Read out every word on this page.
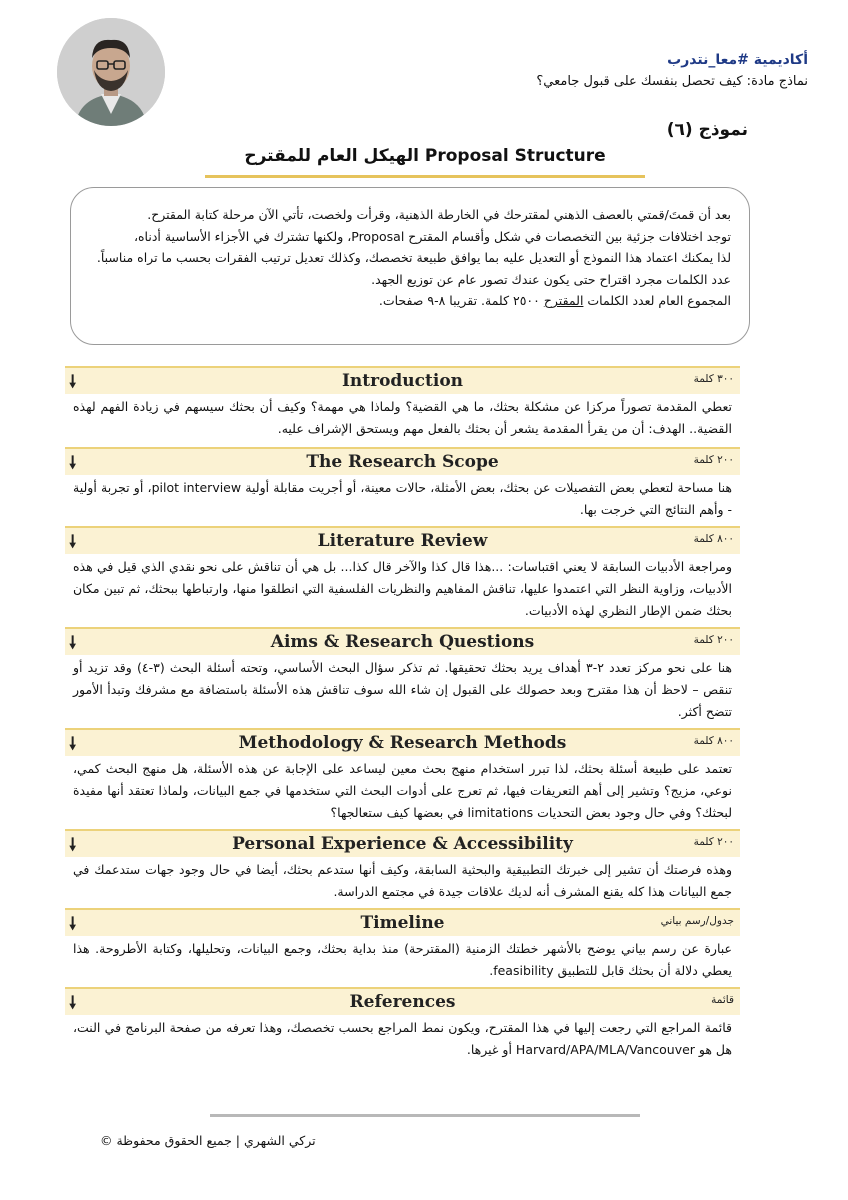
أكاديمية #معا_نتدرب
نماذج مادة: كيف تحصل بنفسك على قبول جامعي؟
نموذج (٦)
الهيكل العام للمقترح Proposal Structure

بعد أن قمتَ/قمتي بالعصف الذهني لمقترحك في الخارطة الذهنية، وقرأت ولخصت، تأتي الآن مرحلة كتابة المقترح.

توجد اختلافات جزئية بين التخصصات في شكل وأقسام المقترح Proposal، ولكنها تشترك في الأجزاء الأساسية أدناه،

لذا يمكنك اعتماد هذا النموذج أو التعديل عليه بما يوافق طبيعة تخصصك، وكذلك تعديل ترتيب الفقرات بحسب ما تراه مناسباً.

عدد الكلمات مجرد اقتراح حتى يكون عندك تصور عام عن توزيع الجهد.

المجموع العام لعدد الكلمات المقترح ٢٥٠٠ كلمة. تقريبا ٨-٩ صفحات.

🠗	Introduction	٣٠٠ كلمة
تعطي المقدمة تصوراً مركزا عن مشكلة بحثك، ما هي القضية؟ ولماذا هي مهمة؟ وكيف أن بحثك سيسهم في زيادة الفهم لهذه القضية.. الهدف: أن من يقرأ المقدمة يشعر أن بحثك بالفعل مهم ويستحق الإشراف عليه.
🠗	The Research Scope	٢٠٠ كلمة
هنا مساحة لتعطي بعض التفصيلات عن بحثك، بعض الأمثلة، حالات معينة، أو أجريت مقابلة أولية pilot interview، أو تجربة أولية - وأهم النتائج التي خرجت بها.
🠗	Literature Review	٨٠٠ كلمة
ومراجعة الأدبيات السابقة لا يعني اقتباسات: ...هذا قال كذا والآخر قال كذا... بل هي أن تناقش على نحو نقدي الذي قيل في هذه الأدبيات، وزاوية النظر التي اعتمدوا عليها، تناقش المفاهيم والنظريات الفلسفية التي انطلقوا منها، وارتباطها ببحثك، ثم تبين مكان بحثك ضمن الإطار النظري لهذه الأدبيات.
🠗	Aims & Research Questions	٢٠٠ كلمة
هنا على نحو مركز تعدد ٢-٣ أهداف يريد بحثك تحقيقها. ثم تذكر سؤال البحث الأساسي، وتحته أسئلة البحث (٣-٤) وقد تزيد أو تنقص – لاحظ أن هذا مقترح وبعد حصولك على القبول إن شاء الله سوف تناقش هذه الأسئلة باستضافة مع مشرفك وتبدأ الأمور تتضح أكثر.
🠗	Methodology & Research Methods	٨٠٠ كلمة
تعتمد على طبيعة أسئلة بحثك، لذا تبرر استخدام منهج بحث معين ليساعد على الإجابة عن هذه الأسئلة، هل منهج البحث كمي، نوعي، مزيج؟ وتشير إلى أهم التعريفات فيها، ثم تعرج على أدوات البحث التي ستخدمها في جمع البيانات، ولماذا تعتقد أنها مفيدة لبحثك؟ وفي حال وجود بعض التحديات limitations في بعضها كيف ستعالجها؟
🠗	Personal Experience & Accessibility	٢٠٠ كلمة
وهذه فرصتك أن تشير إلى خبرتك التطبيقية والبحثية السابقة، وكيف أنها ستدعم بحثك، أيضا في حال وجود جهات ستدعمك في جمع البيانات هذا كله يقنع المشرف أنه لديك علاقات جيدة في مجتمع الدراسة.
🠗	Timeline	جدول/رسم بياني
عبارة عن رسم بياني يوضح بالأشهر خطتك الزمنية (المقترحة) منذ بداية بحثك، وجمع البيانات، وتحليلها، وكتابة الأطروحة. هذا يعطي دلالة أن بحثك قابل للتطبيق feasibility.
🠗	References	قائمة
قائمة المراجع التي رجعت إليها في هذا المقترح، ويكون نمط المراجع بحسب تخصصك، وهذا تعرفه من صفحة البرنامج في النت، هل هو Harvard/APA/MLA/Vancouver أو غيرها.
تركي الشهري | جميع الحقوق محفوظة ©
